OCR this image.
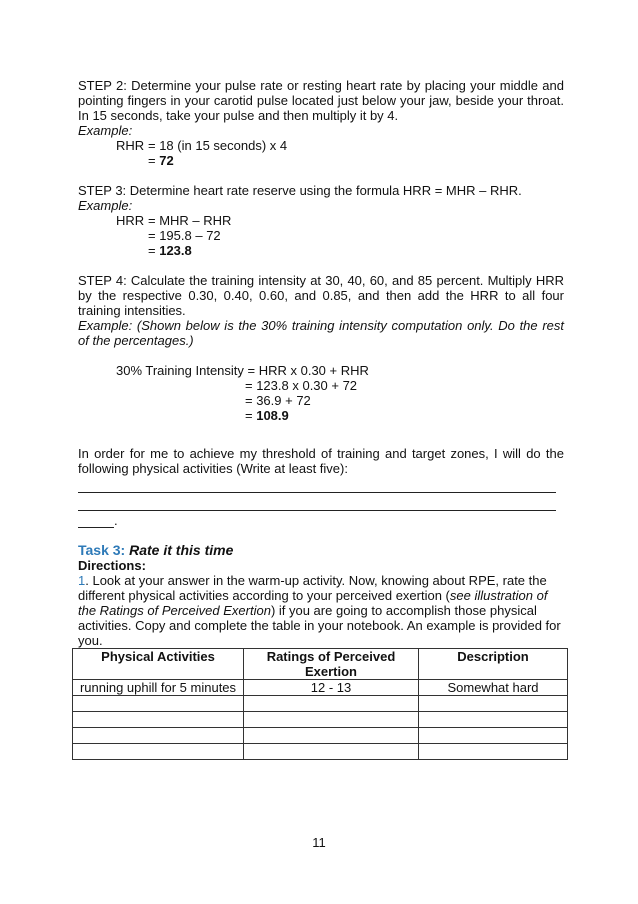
STEP 2: Determine your pulse rate or resting heart rate by placing your middle and pointing fingers in your carotid pulse located just below your jaw, beside your throat. In 15 seconds, take your pulse and then multiply it by 4.

Example:

RHR = 18 (in 15 seconds) x 4
= 72

STEP 3: Determine heart rate reserve using the formula HRR = MHR – RHR.

Example:

HRR = MHR – RHR
= 195.8 – 72
= 123.8

STEP 4: Calculate the training intensity at 30, 40, 60, and 85 percent. Multiply HRR by the respective 0.30, 0.40, 0.60, and 0.85, and then add the HRR to all four training intensities.

Example: (Shown below is the 30% training intensity computation only. Do the rest of the percentages.)

30% Training Intensity = HRR x 0.30 + RHR
= 123.8 x 0.30 + 72
= 36.9 + 72
= 108.9

In order for me to achieve my threshold of training and target zones, I will do the following physical activities (Write at least five):

.

Task 3: Rate it this time

Directions:

1. Look at your answer in the warm-up activity. Now, knowing about RPE, rate the different physical activities according to your perceived exertion (see illustration of the Ratings of Perceived Exertion) if you are going to accomplish those physical activities. Copy and complete the table in your notebook. An example is provided for you.

Physical Activities	Ratings of Perceived Exertion	Description
running uphill for 5 minutes	12 - 13	Somewhat hard

11
